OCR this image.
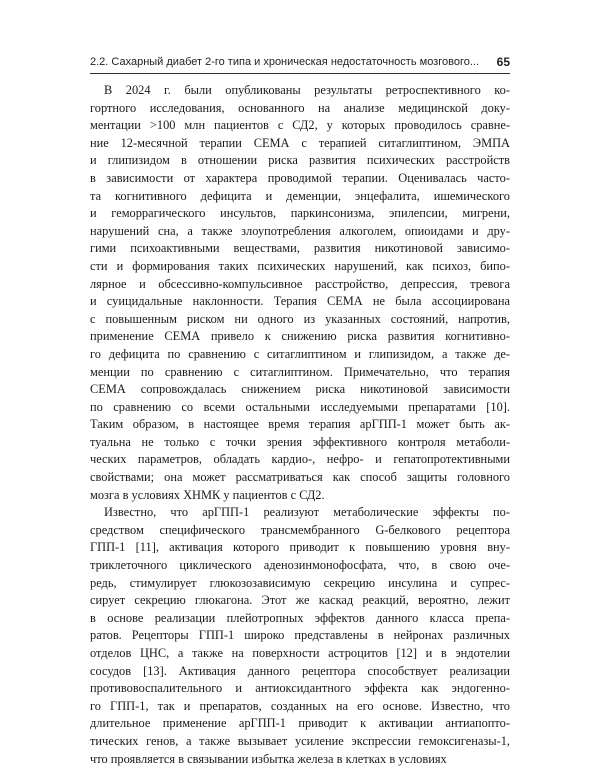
2.2. Сахарный диабет 2-го типа и хроническая недостаточность мозгового... 65
В 2024 г. были опубликованы результаты ретроспективного ко-
гортного исследования, основанного на анализе медицинской доку-
ментации >100 млн пациентов с СД2, у которых проводилось сравне-
ние 12-месячной терапии СЕМА с терапией ситаглиптином, ЭМПА
и глипизидом в отношении риска развития психических расстройств
в зависимости от характера проводимой терапии. Оценивалась часто-
та когнитивного дефицита и деменции, энцефалита, ишемического
и геморрагического инсультов, паркинсонизма, эпилепсии, мигрени,
нарушений сна, а также злоупотребления алкоголем, опиоидами и дру-
гими психоактивными веществами, развития никотиновой зависимо-
сти и формирования таких психических нарушений, как психоз, бипо-
лярное и обсессивно-компульсивное расстройство, депрессия, тревога
и суицидальные наклонности. Терапия СЕМА не была ассоциирована
с повышенным риском ни одного из указанных состояний, напротив,
применение СЕМА привело к снижению риска развития когнитивно-
го дефицита по сравнению с ситаглиптином и глипизидом, а также де-
менции по сравнению с ситаглиптином. Примечательно, что терапия
СЕМА сопровождалась снижением риска никотиновой зависимости
по сравнению со всеми остальными исследуемыми препаратами [10].
Таким образом, в настоящее время терапия арГПП-1 может быть ак-
туальна не только с точки зрения эффективного контроля метаболи-
ческих параметров, обладать кардио-, нефро- и гепатопротективными
свойствами; она может рассматриваться как способ защиты головного
мозга в условиях ХНМК у пациентов с СД2.
Известно, что арГПП-1 реализуют метаболические эффекты по-
средством специфического трансмембранного G-белкового рецептора
ГПП-1 [11], активация которого приводит к повышению уровня вну-
триклеточного циклического аденозинмонофосфата, что, в свою оче-
редь, стимулирует глюкозозависимую секрецию инсулина и супрес-
сирует секрецию глюкагона. Этот же каскад реакций, вероятно, лежит
в основе реализации плейотропных эффектов данного класса препа-
ратов. Рецепторы ГПП-1 широко представлены в нейронах различных
отделов ЦНС, а также на поверхности астроцитов [12] и в эндотелии
сосудов [13]. Активация данного рецептора способствует реализации
противовоспалительного и антиоксидантного эффекта как эндогенно-
го ГПП-1, так и препаратов, созданных на его основе. Известно, что
длительное применение арГПП-1 приводит к активации антиапопто-
тических генов, а также вызывает усиление экспрессии гемоксигеназы-1,
что проявляется в связывании избытка железа в клетках в условиях
